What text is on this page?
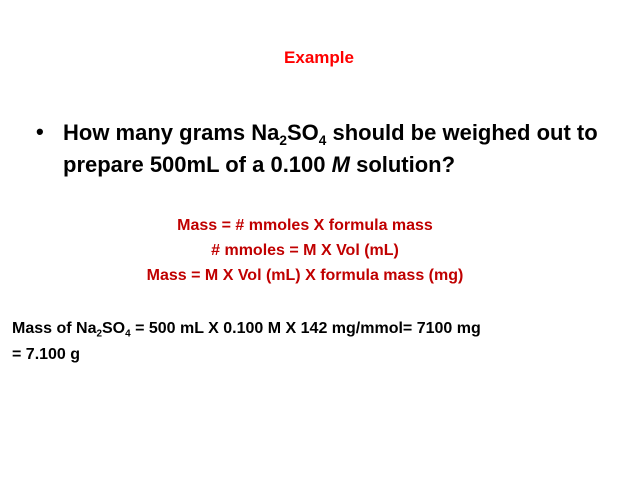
Example
• How many grams $Na_2SO_4$ should be weighed out to prepare 500mL of a 0.100 M solution?
Mass = # mmoles X formula mass
# mmoles = M X Vol (mL)
Mass = M X Vol (mL) X formula mass (mg)
Mass of $Na_2SO_4 = 500$ mL X 0.100 M X 142 mg/mmol= 7100 mg
= 7.100 g
